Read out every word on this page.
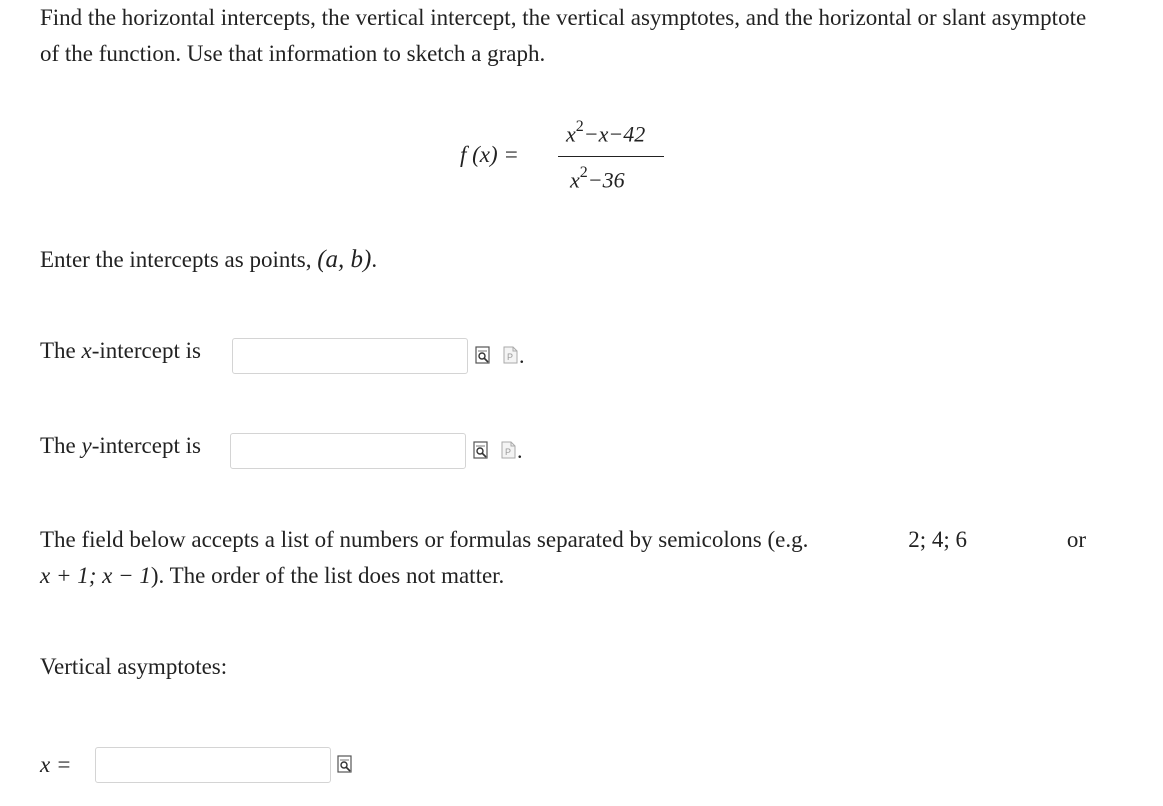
Find the horizontal intercepts, the vertical intercept, the vertical asymptotes, and the horizontal or slant asymptote of the function. Use that information to sketch a graph.
f (x) =
$x^2-x-42$
$x^2-36$
Enter the intercepts as points, (a, b).
The x-intercept is	P .
The y-intercept is	P .
The field below accepts a list of numbers or formulas separated by semicolons (e.g.	2; 4; 6	or
x + 1; x − 1). The order of the list does not matter.
Vertical asymptotes:
x =
